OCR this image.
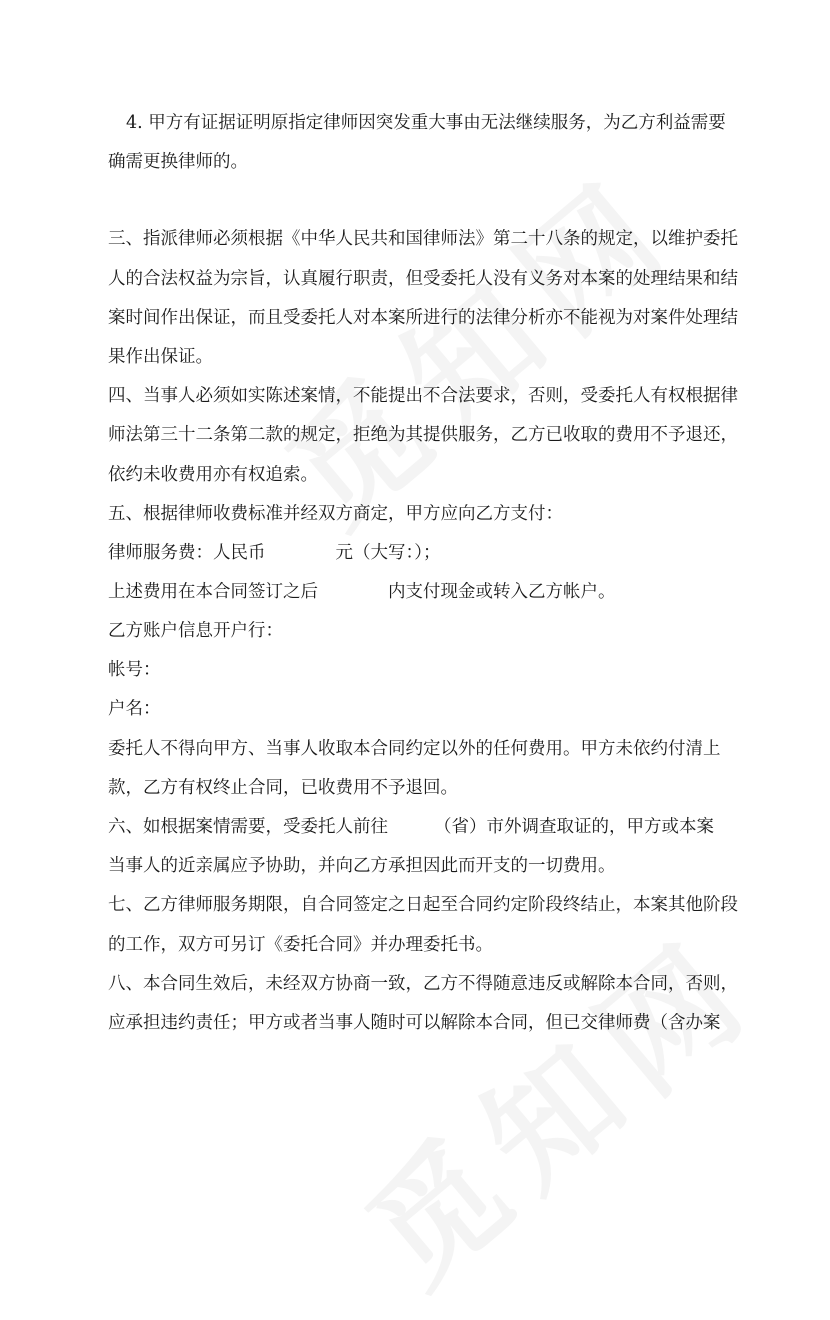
4. 甲方有证据证明原指定律师因突发重大事由无法继续服务，为乙方利益需要
确需更换律师的。
三、指派律师必须根据《中华人民共和国律师法》第二十八条的规定，以维护委托
人的合法权益为宗旨，认真履行职责，但受委托人没有义务对本案的处理结果和结
案时间作出保证，而且受委托人对本案所进行的法律分析亦不能视为对案件处理结
果作出保证。
四、当事人必须如实陈述案情，不能提出不合法要求，否则，受委托人有权根据律
师法第三十二条第二款的规定，拒绝为其提供服务，乙方已收取的费用不予退还，
依约未收费用亦有权追索。
五、根据律师收费标准并经双方商定，甲方应向乙方支付：
律师服务费：人民币	元（大写：）；
上述费用在本合同签订之后	内支付现金或转入乙方帐户。
乙方账户信息开户行：
帐号：
户名：
委托人不得向甲方、当事人收取本合同约定以外的任何费用。甲方未依约付清上
款，乙方有权终止合同，已收费用不予退回。
六、如根据案情需要，受委托人前往	（省）市外调查取证的，甲方或本案
当事人的近亲属应予协助，并向乙方承担因此而开支的一切费用。
七、乙方律师服务期限，自合同签定之日起至合同约定阶段终结止，本案其他阶段
的工作，双方可另订《委托合同》并办理委托书。
八、本合同生效后，未经双方协商一致，乙方不得随意违反或解除本合同，否则，
应承担违约责任；甲方或者当事人随时可以解除本合同，但已交律师费（含办案
